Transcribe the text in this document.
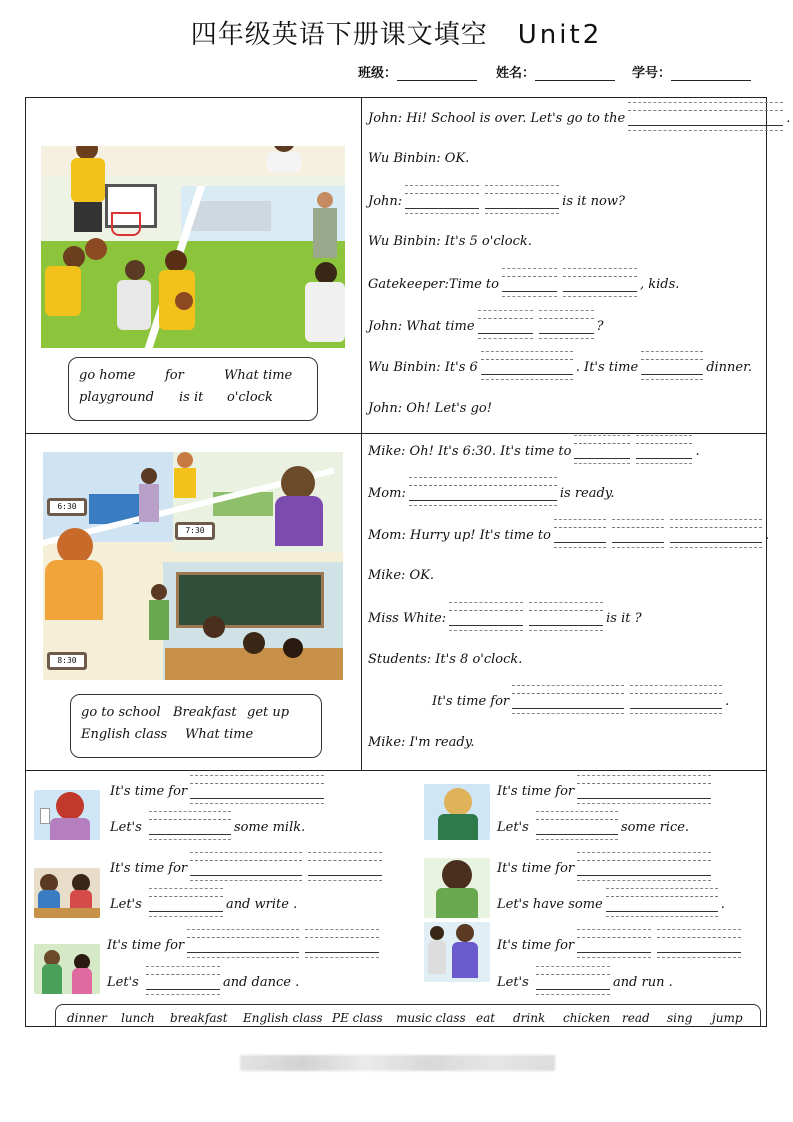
四年级英语下册课文填空 Unit2
班级：	姓名：	学号：
go home for	What time
playground is it o'clock
John: Hi! School is over. Let's go to the	.
Wu Binbin: OK.
John:	is it now?
Wu Binbin: It's 5 o'clock.
Gatekeeper:Time to	, kids.
John: What time	?
Wu Binbin: It's 6	. It's time	dinner.
John: Oh! Let's go!
6:30
7:30
8:30
go to school Breakfast get up
English class What time
Mike: Oh! It's 6:30. It's time to	.
Mom:	is ready.
Mom: Hurry up! It's time to	.
Mike: OK.
Miss White:	is it ?
Students: It's 8 o'clock.
It's time for	.
Mike: I'm ready.
It's time for
Let's	some milk.
It's time for
Let's	and write .
It's time for
Let's	and dance .
It's time for
Let's	some rice.
It's time for
Let's have some	.
It's time for
Let's	and run .
dinner lunch breakfast English class PE class music class eat drink chicken read sing jump
